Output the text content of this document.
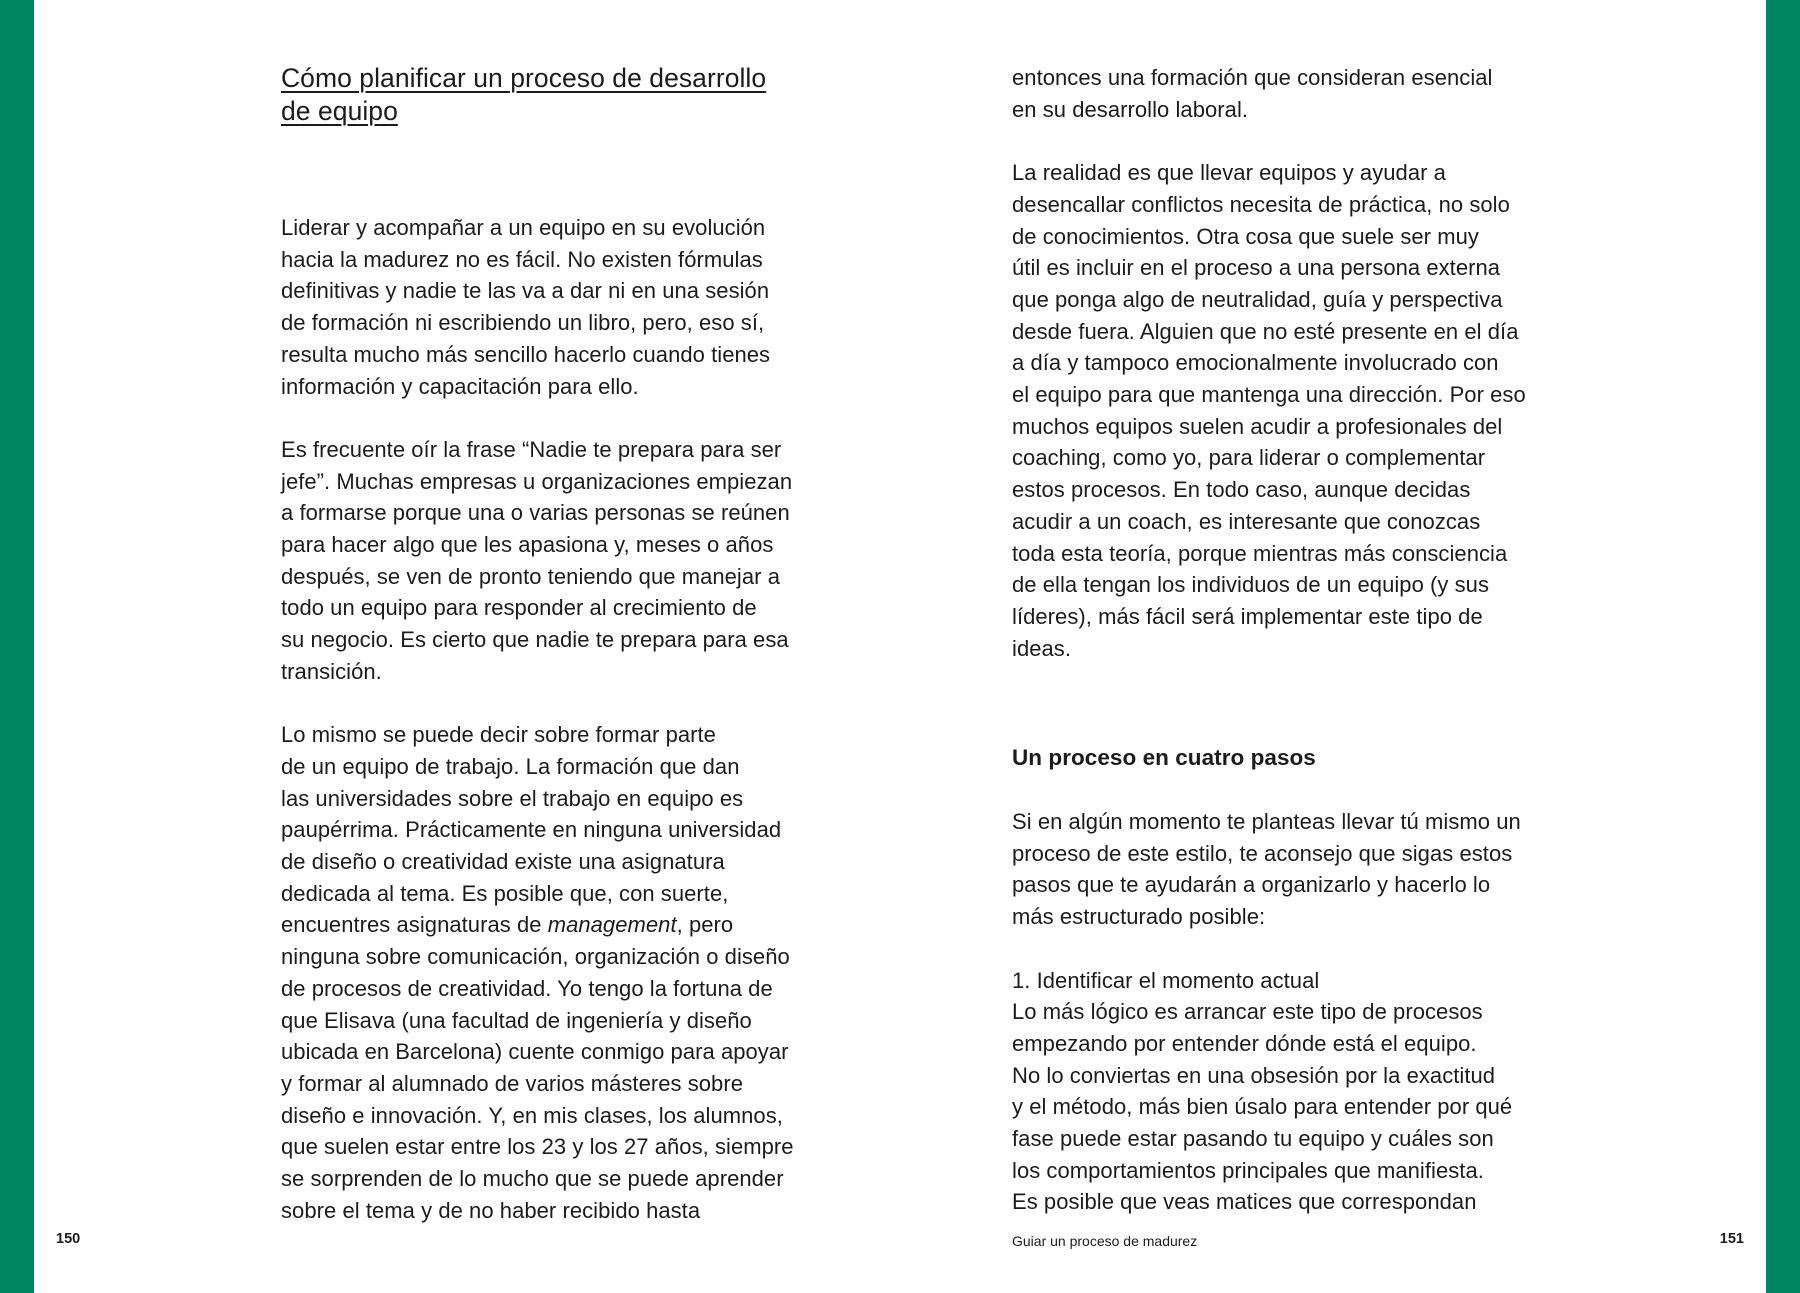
Cómo planificar un proceso de desarrollo
de equipo
Liderar y acompañar a un equipo en su evolución
hacia la madurez no es fácil. No existen fórmulas
definitivas y nadie te las va a dar ni en una sesión
de formación ni escribiendo un libro, pero, eso sí,
resulta mucho más sencillo hacerlo cuando tienes
información y capacitación para ello.
Es frecuente oír la frase “Nadie te prepara para ser
jefe”. Muchas empresas u organizaciones empiezan
a formarse porque una o varias personas se reúnen
para hacer algo que les apasiona y, meses o años
después, se ven de pronto teniendo que manejar a
todo un equipo para responder al crecimiento de
su negocio. Es cierto que nadie te prepara para esa
transición.
Lo mismo se puede decir sobre formar parte
de un equipo de trabajo. La formación que dan
las universidades sobre el trabajo en equipo es
paupérrima. Prácticamente en ninguna universidad
de diseño o creatividad existe una asignatura
dedicada al tema. Es posible que, con suerte,
encuentres asignaturas de management, pero
ninguna sobre comunicación, organización o diseño
de procesos de creatividad. Yo tengo la fortuna de
que Elisava (una facultad de ingeniería y diseño
ubicada en Barcelona) cuente conmigo para apoyar
y formar al alumnado de varios másteres sobre
diseño e innovación. Y, en mis clases, los alumnos,
que suelen estar entre los 23 y los 27 años, siempre
se sorprenden de lo mucho que se puede aprender
sobre el tema y de no haber recibido hasta
entonces una formación que consideran esencial
en su desarrollo laboral.
La realidad es que llevar equipos y ayudar a
desencallar conflictos necesita de práctica, no solo
de conocimientos. Otra cosa que suele ser muy
útil es incluir en el proceso a una persona externa
que ponga algo de neutralidad, guía y perspectiva
desde fuera. Alguien que no esté presente en el día
a día y tampoco emocionalmente involucrado con
el equipo para que mantenga una dirección. Por eso
muchos equipos suelen acudir a profesionales del
coaching, como yo, para liderar o complementar
estos procesos. En todo caso, aunque decidas
acudir a un coach, es interesante que conozcas
toda esta teoría, porque mientras más consciencia
de ella tengan los individuos de un equipo (y sus
líderes), más fácil será implementar este tipo de
ideas.
Un proceso en cuatro pasos
Si en algún momento te planteas llevar tú mismo un
proceso de este estilo, te aconsejo que sigas estos
pasos que te ayudarán a organizarlo y hacerlo lo
más estructurado posible:
1. Identificar el momento actual
Lo más lógico es arrancar este tipo de procesos
empezando por entender dónde está el equipo.
No lo conviertas en una obsesión por la exactitud
y el método, más bien úsalo para entender por qué
fase puede estar pasando tu equipo y cuáles son
los comportamientos principales que manifiesta.
Es posible que veas matices que correspondan
150	Guiar un proceso de madurez	151
